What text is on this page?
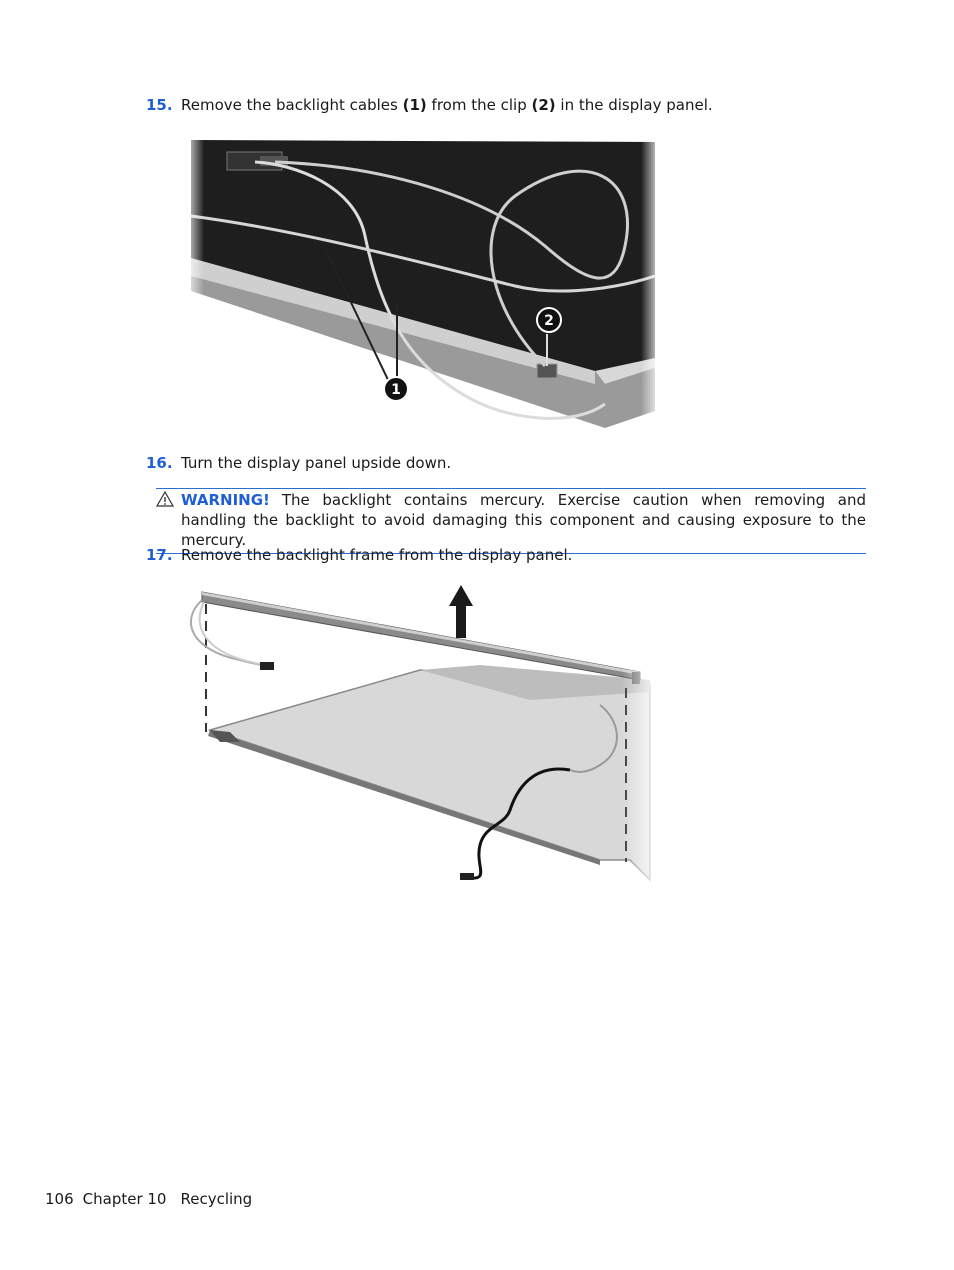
15. Remove the backlight cables (1) from the clip (2) in the display panel.
16. Turn the display panel upside down.
WARNING! The backlight contains mercury. Exercise caution when removing and handling the backlight to avoid damaging this component and causing exposure to the mercury.
17. Remove the backlight frame from the display panel.
106 Chapter 10 Recycling
